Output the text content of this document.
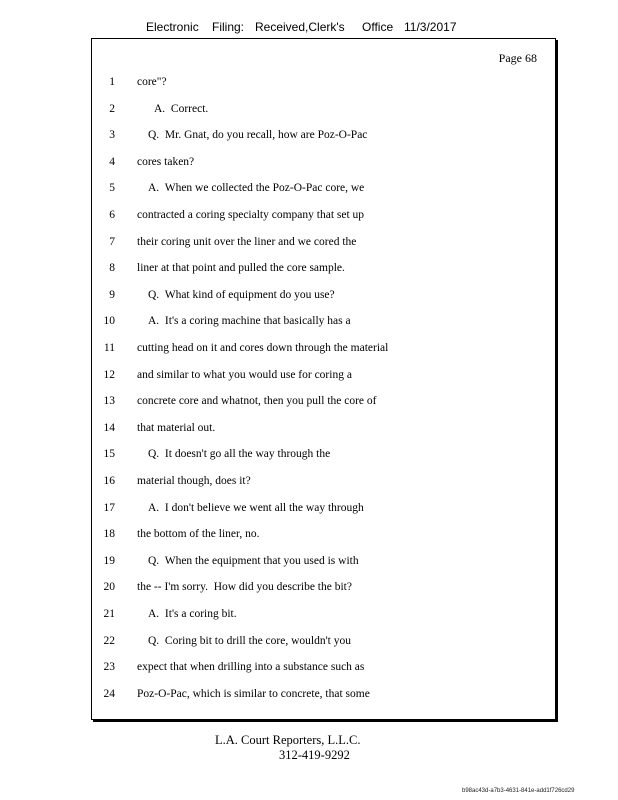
Electronic Filing: Received,Clerk's Office 11/3/2017
Page 68
1 core"?
2	A.  Correct.
3	Q.  Mr. Gnat, do you recall, how are Poz-O-Pac
4 cores taken?
5	A.  When we collected the Poz-O-Pac core, we
6 contracted a coring specialty company that set up
7 their coring unit over the liner and we cored the
8 liner at that point and pulled the core sample.
9	Q.  What kind of equipment do you use?
10	A.  It's a coring machine that basically has a
11 cutting head on it and cores down through the material
12 and similar to what you would use for coring a
13 concrete core and whatnot, then you pull the core of
14 that material out.
15	Q.  It doesn't go all the way through the
16 material though, does it?
17	A.  I don't believe we went all the way through
18 the bottom of the liner, no.
19	Q.  When the equipment that you used is with
20 the -- I'm sorry.  How did you describe the bit?
21	A.  It's a coring bit.
22	Q.  Coring bit to drill the core, wouldn't you
23 expect that when drilling into a substance such as
24 Poz-O-Pac, which is similar to concrete, that some
L.A. Court Reporters, L.L.C.
312-419-9292
b98ac43d-a7b3-4631-841e-add1f726cd29
